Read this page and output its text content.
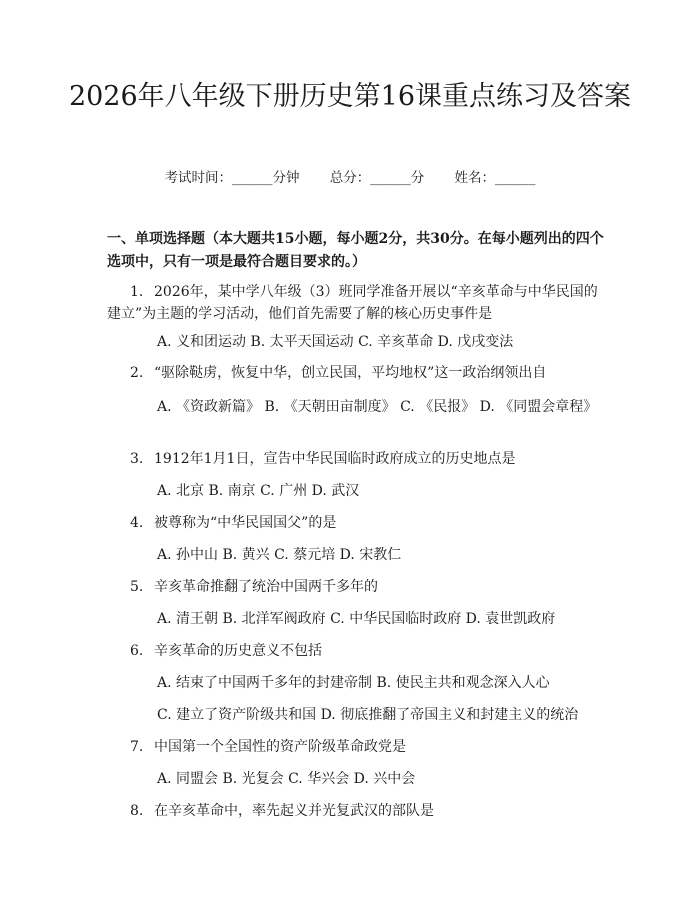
2026年八年级下册历史第16课重点练习及答案
考试时间：______分钟 总分：______分 姓名：______
一、单项选择题（本大题共15小题，每小题2分，共30分。在每小题列出的四个选项中，只有一项是最符合题目要求的。）
1. 2026年，某中学八年级（3）班同学准备开展以“辛亥革命与中华民国的建立”为主题的学习活动，他们首先需要了解的核心历史事件是
A. 义和团运动 B. 太平天国运动 C. 辛亥革命 D. 戊戌变法
2. “驱除鞑虏，恢复中华，创立民国，平均地权”这一政治纲领出自
A. 《资政新篇》 B. 《天朝田亩制度》 C. 《民报》 D. 《同盟会章程》
3. 1912年1月1日，宣告中华民国临时政府成立的历史地点是
A. 北京 B. 南京 C. 广州 D. 武汉
4. 被尊称为“中华民国国父”的是
A. 孙中山 B. 黄兴 C. 蔡元培 D. 宋教仁
5. 辛亥革命推翻了统治中国两千多年的
A. 清王朝 B. 北洋军阀政府 C. 中华民国临时政府 D. 袁世凯政府
6. 辛亥革命的历史意义不包括
A. 结束了中国两千多年的封建帝制 B. 使民主共和观念深入人心
C. 建立了资产阶级共和国 D. 彻底推翻了帝国主义和封建主义的统治
7. 中国第一个全国性的资产阶级革命政党是
A. 同盟会 B. 光复会 C. 华兴会 D. 兴中会
8. 在辛亥革命中，率先起义并光复武汉的部队是
